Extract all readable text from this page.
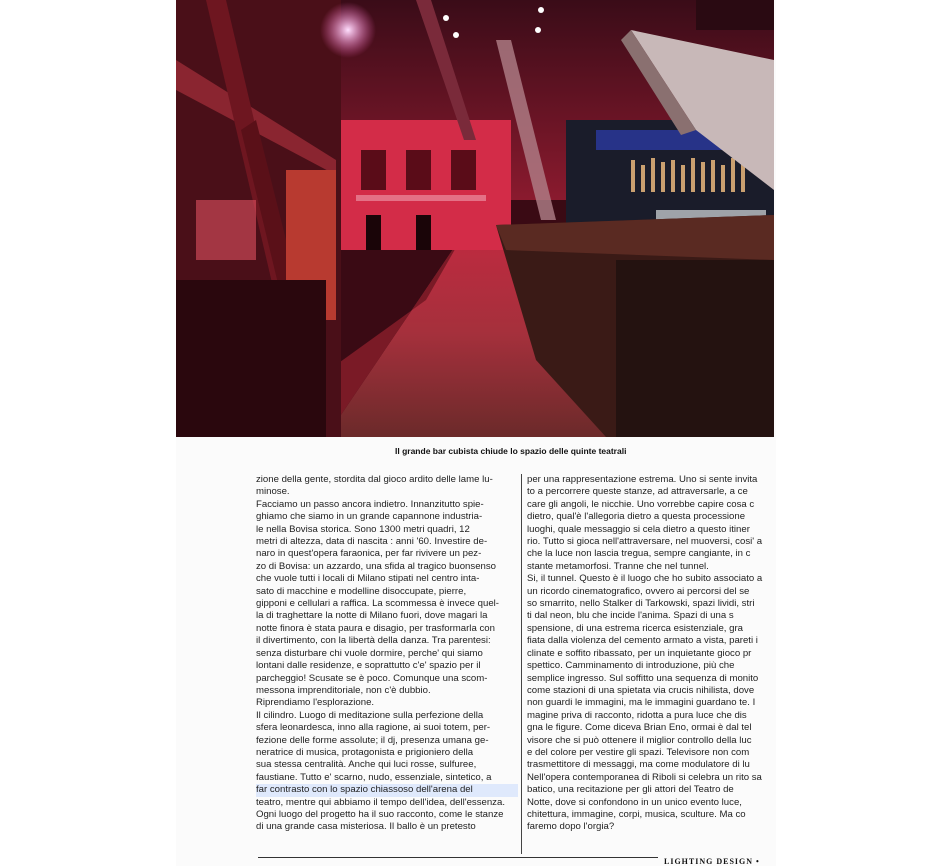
Il grande bar cubista chiude lo spazio delle quinte teatrali

zione della gente, stordita dal gioco ardito delle lame lu-

minose.

Facciamo un passo ancora indietro. Innanzitutto spie-

ghiamo che siamo in un grande capannone industria-

le nella Bovisa storica. Sono 1300 metri quadri, 12

metri di altezza, data di nascita : anni '60. Investire de-

naro in quest'opera faraonica, per far rivivere un pez-

zo di Bovisa: un azzardo, una sfida al tragico buonsenso

che vuole tutti i locali di Milano stipati nel centro inta-

sato di macchine e modelline disoccupate, pierre,

gipponi e cellulari a raffica. La scommessa è invece quel-

la di traghettare la notte di Milano fuori, dove magari la

notte finora è stata paura e disagio, per trasformarla con

il divertimento, con la libertà della danza. Tra parentesi:

senza disturbare chi vuole dormire, perche' qui siamo

lontani dalle residenze, e soprattutto c'e' spazio per il

parcheggio! Scusate se è poco. Comunque una scom-

messona imprenditoriale, non c'è dubbio.

Riprendiamo l'esplorazione.

Il cilindro. Luogo di meditazione sulla perfezione della

sfera leonardesca, inno alla ragione, ai suoi totem, per-

fezione delle forme assolute; il dj, presenza umana ge-

neratrice di musica, protagonista e prigioniero della

sua stessa centralità. Anche qui luci rosse, sulfuree,

faustiane. Tutto e' scarno, nudo, essenziale, sintetico, a

far contrasto con lo spazio chiassoso dell'arena del

teatro, mentre qui abbiamo il tempo dell'idea, dell'essenza.

Ogni luogo del progetto ha il suo racconto, come le stanze

di una grande casa misteriosa. Il ballo è un pretesto

per una rappresentazione estrema. Uno si sente invita

to a percorrere queste stanze, ad attraversarle, a ce

care gli angoli, le nicchie. Uno vorrebbe capire cosa c

dietro, qual'è l'allegoria dietro a questa processione

luoghi, quale messaggio si cela dietro a questo itiner

rio. Tutto si gioca nell'attraversare, nel muoversi, cosi' a

che la luce non lascia tregua, sempre cangiante, in c

stante metamorfosi. Tranne che nel tunnel.

Si, il tunnel. Questo è il luogo che ho subito associato a

un ricordo cinematografico, ovvero ai percorsi del se

so smarrito, nello Stalker di Tarkowski, spazi lividi, stri

ti dal neon, blu che incide l'anima. Spazi di una s

spensione, di una estrema ricerca esistenziale, gra

fiata dalla violenza del cemento armato a vista, pareti i

clinate e soffito ribassato, per un inquietante gioco pr

spettico. Camminamento di introduzione, più che

semplice ingresso. Sul soffitto una sequenza di monito

come stazioni di una spietata via crucis nihilista, dove

non guardi le immagini, ma le immagini guardano te. I

magine priva di racconto, ridotta a pura luce che dis

gna le figure. Come diceva Brian Eno, ormai è dal tel

visore che si può ottenere il miglior controllo della luc

e del colore per vestire gli spazi. Televisore non com

trasmettitore di messaggi, ma come modulatore di lu

Nell'opera contemporanea di Riboli si celebra un rito sa

batico, una recitazione per gli attori del Teatro de

Notte, dove si confondono in un unico evento luce,

chitettura, immagine, corpi, musica, sculture. Ma co

faremo dopo l'orgia?

LIGHTING DESIGN •
